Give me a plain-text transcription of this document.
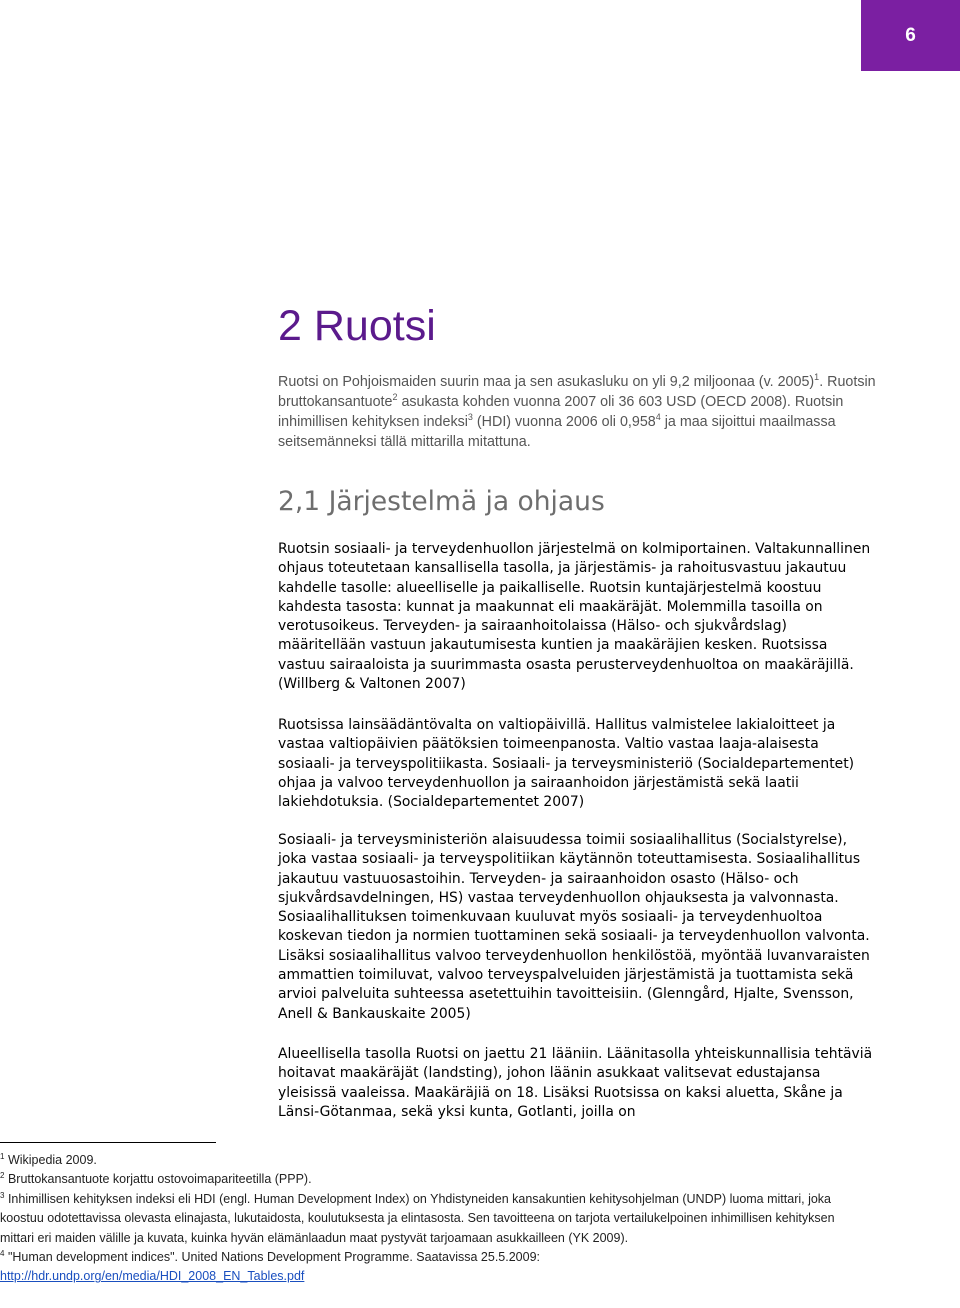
6
2 Ruotsi

Ruotsi on Pohjoismaiden suurin maa ja sen asukasluku on yli 9,2 miljoonaa (v. 2005)$^1$. Ruotsin bruttokansantuote$^2$ asukasta kohden vuonna 2007 oli 36 603 USD (OECD 2008). Ruotsin inhimillisen kehityksen indeksi$^3$ (HDI) vuonna 2006 oli 0,958$^4$ ja maa sijoittui maailmassa seitsemänneksi tällä mittarilla mitattuna.

2,1 Järjestelmä ja ohjaus

Ruotsin sosiaali- ja terveydenhuollon järjestelmä on kolmiportainen. Valtakunnallinen ohjaus toteutetaan kansallisella tasolla, ja järjestämis- ja rahoitusvastuu jakautuu kahdelle tasolle: alueelliselle ja paikalliselle. Ruotsin kuntajärjestelmä koostuu kahdesta tasosta: kunnat ja maakunnat eli maakäräjät. Molemmilla tasoilla on verotusoikeus. Terveyden- ja sairaanhoitolaissa (Hälso- och sjukvårdslag) määritellään vastuun jakautumisesta kuntien ja maakäräjien kesken. Ruotsissa vastuu sairaaloista ja suurimmasta osasta perusterveydenhuoltoa on maakäräjillä. (Willberg & Valtonen 2007)

Ruotsissa lainsäädäntövalta on valtiopäivillä. Hallitus valmistelee lakialoitteet ja vastaa valtiopäivien päätöksien toimeenpanosta. Valtio vastaa laaja-alaisesta sosiaali- ja terveyspolitiikasta. Sosiaali- ja terveysministeriö (Socialdepartementet) ohjaa ja valvoo terveydenhuollon ja sairaanhoidon järjestämistä sekä laatii lakiehdotuksia. (Socialdepartementet 2007)

Sosiaali- ja terveysministeriön alaisuudessa toimii sosiaalihallitus (Socialstyrelse), joka vastaa sosiaali- ja terveyspolitiikan käytännön toteuttamisesta. Sosiaalihallitus jakautuu vastuuosastoihin. Terveyden- ja sairaanhoidon osasto (Hälso- och sjukvårdsavdelningen, HS) vastaa terveydenhuollon ohjauksesta ja valvonnasta. Sosiaalihallituksen toimenkuvaan kuuluvat myös sosiaali- ja terveydenhuoltoa koskevan tiedon ja normien tuottaminen sekä sosiaali- ja terveydenhuollon valvonta. Lisäksi sosiaalihallitus valvoo terveydenhuollon henkilöstöä, myöntää luvanvaraisten ammattien toimiluvat, valvoo terveyspalveluiden järjestämistä ja tuottamista sekä arvioi palveluita suhteessa asetettuihin tavoitteisiin. (Glenngård, Hjalte, Svensson, Anell & Bankauskaite 2005)

Alueellisella tasolla Ruotsi on jaettu 21 lääniin. Läänitasolla yhteiskunnallisia tehtäviä hoitavat maakäräjät (landsting), johon läänin asukkaat valitsevat edustajansa yleisissä vaaleissa. Maakäräjiä on 18. Lisäksi Ruotsissa on kaksi aluetta, Skåne ja Länsi-Götanmaa, sekä yksi kunta, Gotlanti, joilla on

$^1$ Wikipedia 2009.
$^2$ Bruttokansantuote korjattu ostovoimapariteetilla (PPP).
$^3$ Inhimillisen kehityksen indeksi eli HDI (engl. Human Development Index) on Yhdistyneiden kansakuntien kehitysohjelman (UNDP) luoma mittari, joka koostuu odotettavissa olevasta elinajasta, lukutaidosta, koulutuksesta ja elintasosta. Sen tavoitteena on tarjota vertailukelpoinen inhimillisen kehityksen mittari eri maiden välille ja kuvata, kuinka hyvän elämänlaadun maat pystyvät tarjoamaan asukkailleen (YK 2009).
$^4$ "Human development indices". United Nations Development Programme. Saatavissa 25.5.2009:
http://hdr.undp.org/en/media/HDI_2008_EN_Tables.pdf
